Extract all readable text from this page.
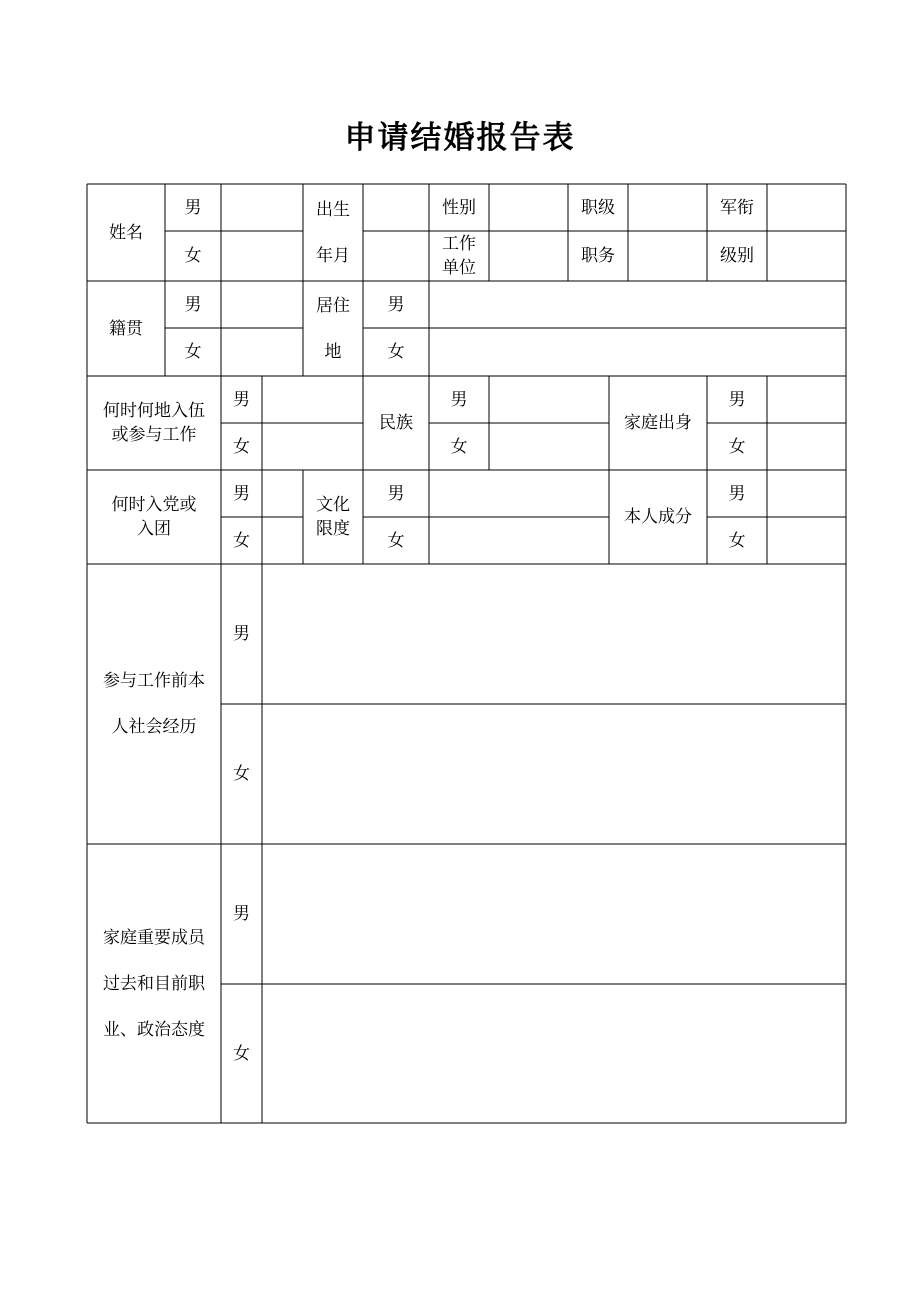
申请结婚报告表
姓名
男
女
出生
年月
性别
工作
单位
职级
职务
军衔
级别
籍贯
男
女
居住
地
男
女
何时何地入伍
或参与工作
男
女
民族
男
女
家庭出身
男
女
何时入党或
入团
男
女
文化
限度
男
女
本人成分
男
女
参与工作前本
人社会经历
男
女
家庭重要成员
过去和目前职
业、政治态度
男
女
